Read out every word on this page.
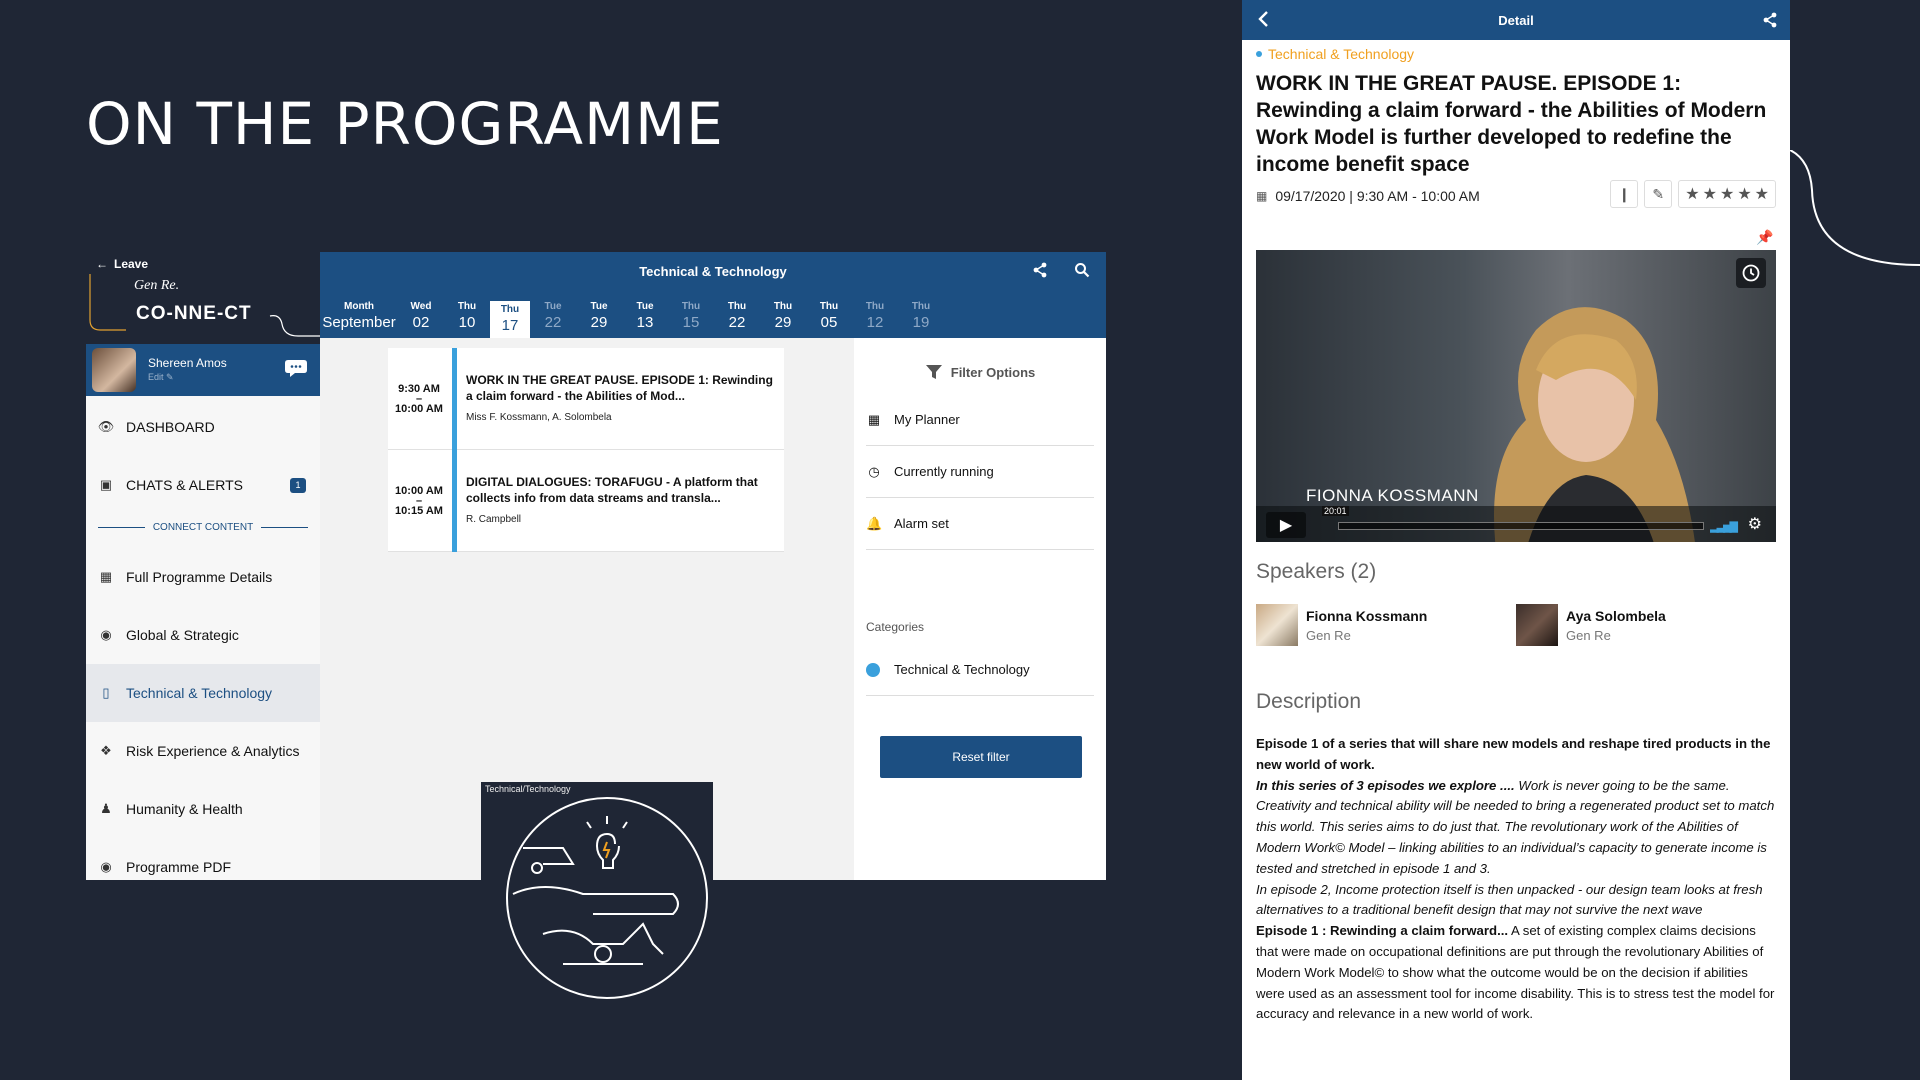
ON THE PROGRAMME
← Leave
Gen Re.
CO-NNE-CT
Shereen Amos
Edit ✎
👁 DASHBOARD
▣ CHATS & ALERTS	1
CONNECT CONTENT
▦ Full Programme Details
◉ Global & Strategic
▯	Technical & Technology
❖ Risk Experience & Analytics
♟ Humanity & Health
◉ Programme PDF
Technical & Technology
Month
September
Wed
02
Thu
10
Thu
17
Tue
22
Tue
29
Tue
13
Thu
15
Thu
22
Thu
29
Thu
05
Thu
12
Thu
19
9:30 AM
–
10:00 AM
WORK IN THE GREAT PAUSE. EPISODE 1: Rewinding a claim forward - the Abilities of Mod...
Miss F. Kossmann, A. Solombela
10:00 AM
–
10:15 AM
DIGITAL DIALOGUES: TORAFUGU - A platform that collects info from data streams and transla...
R. Campbell
Filter Options
▦ My Planner
◷ Currently running
🔔 Alarm set
Categories
Technical & Technology
Reset filter
Technical/Technology
Detail
Technical & Technology
WORK IN THE GREAT PAUSE. EPISODE 1: Rewinding a claim forward - the Abilities of Modern Work Model is further developed to redefine the income benefit space
▦ 09/17/2020 | 9:30 AM - 10:00 AM	❙	✎	★ ★ ★ ★ ★
📌
FIONNA KOSSMANN
▶
20:01
▂▃▅▇ ⚙
Speakers (2)
Fionna Kossmann
Gen Re
Aya Solombela
Gen Re
Description
Episode 1 of a series that will share new models and reshape tired products in the new world of work.
In this series of 3 episodes we explore .... Work is never going to be the same. Creativity and technical ability will be needed to bring a regenerated product set to match this world. This series aims to do just that. The revolutionary work of the Abilities of Modern Work© Model – linking abilities to an individual’s capacity to generate income is tested and stretched in episode 1 and 3.
In episode 2, Income protection itself is then unpacked - our design team looks at fresh alternatives to a traditional benefit design that may not survive the next wave
Episode 1 : Rewinding a claim forward... A set of existing complex claims decisions that were made on occupational definitions are put through the revolutionary Abilities of Modern Work Model© to show what the outcome would be on the decision if abilities were used as an assessment tool for income disability. This is to stress test the model for accuracy and relevance in a new world of work.
